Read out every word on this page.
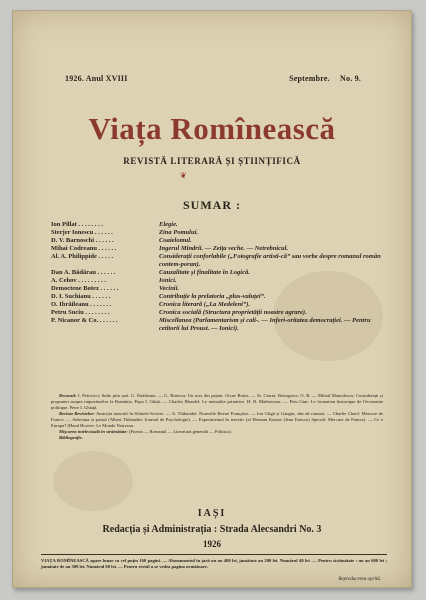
1926. Anul XVIII	Septembre. No. 9.
Viața Romînească
REVISTĂ LITERARĂ ȘI ȘTIINȚIFICĂ
❦
SUMAR :
Ion Pillat . . . . . . . .	Elegie.
Sterjer Ionescu . . . . . .	Zina Pomului.
D. V. Barnoschi . . . . . .	Coaielomul.
Mihai Codreanu . . . . . .	Ingerul Mîndrii. — Zeița veche. — Netrebnicul.
Al. A. Philippide . . . . .	Considerații conforlabile („Fotografie artisti-că” sau vorbe despre romanul român contem-poran).
Dan A. Bădărau . . . . . .	Cauzalitate și finalitate în Logică.
A. Cehov . . . . . . . . .	Ionici.
Democtene Botez . . . . . .	Vecinii.
D. I. Suchianu . . . . . .	Contribuție la prelatoria „plus-valuței”.
O. Ibrăileanu . . . . . . .	Cronica literară („La Medeleni”).
Petru Suciu . . . . . . . .	Cronica socială (Structura proprietății noastre agrare).
P. Nicanor & Co. . . . . . .	Miscellanea (Parlamentarism și cali-. — Inferi-oritatea democrației. — Pentru cetitorii lui Proust. — Ionici).

Recenzii: I. Petrovici: Sulte prin țară. G. Ibrăileanu. — G. Brăescu: Un ucis din pajeni. Octav Botez. — St. Ciortu: Retrogress. O. B. — Mihail Manoilescu: Considerații și propuneri asupra impoziturilor la România. Popa I. Ghiță. — Charles Blondel: Le mentalite primitive. H. R. Mathewson. — Petu Giur: Le formation historique de l'économie politique. Petre I. Ghiață.

Revista Revistelor: Amiciția masculi în Sfintele-Scriere. — A. Thibaudet: Nouvelle Revue Française. — Ion Gligă și Gaugin, sînt de romani. — Charlie Chaol: Mercure de France. — Sulevana și pastul (Albert Thibaudet: Journal de Psychologie). — Experimentul în teoretic (al Herman Keuser (Jean Enescu) Speculi: Mercure de France). — Ce e Europa? (Hand Hoover: Le Monde Nouveau.

Mișcarea intelectuală în străinătate: (Poezia — Romanul — Literatură generală — Politica).

Bibliografie.

IAȘI
Redacția și Administrația : Strada Alecsandri No. 3
1926
VIAȚA ROMÎNEASCĂ apare lunar cu cel puțin 160 pagini. — Abonamentul în țară un an 400 lei, jumătate an 200 lei. Numărul 40 lei. — Pentru străinătate : un an 600 lei ; jumătate de an 300 lei. Numărul 60 lei. — Pentru restul a se vedea pagina următoare.
Reproducerea oprită.
